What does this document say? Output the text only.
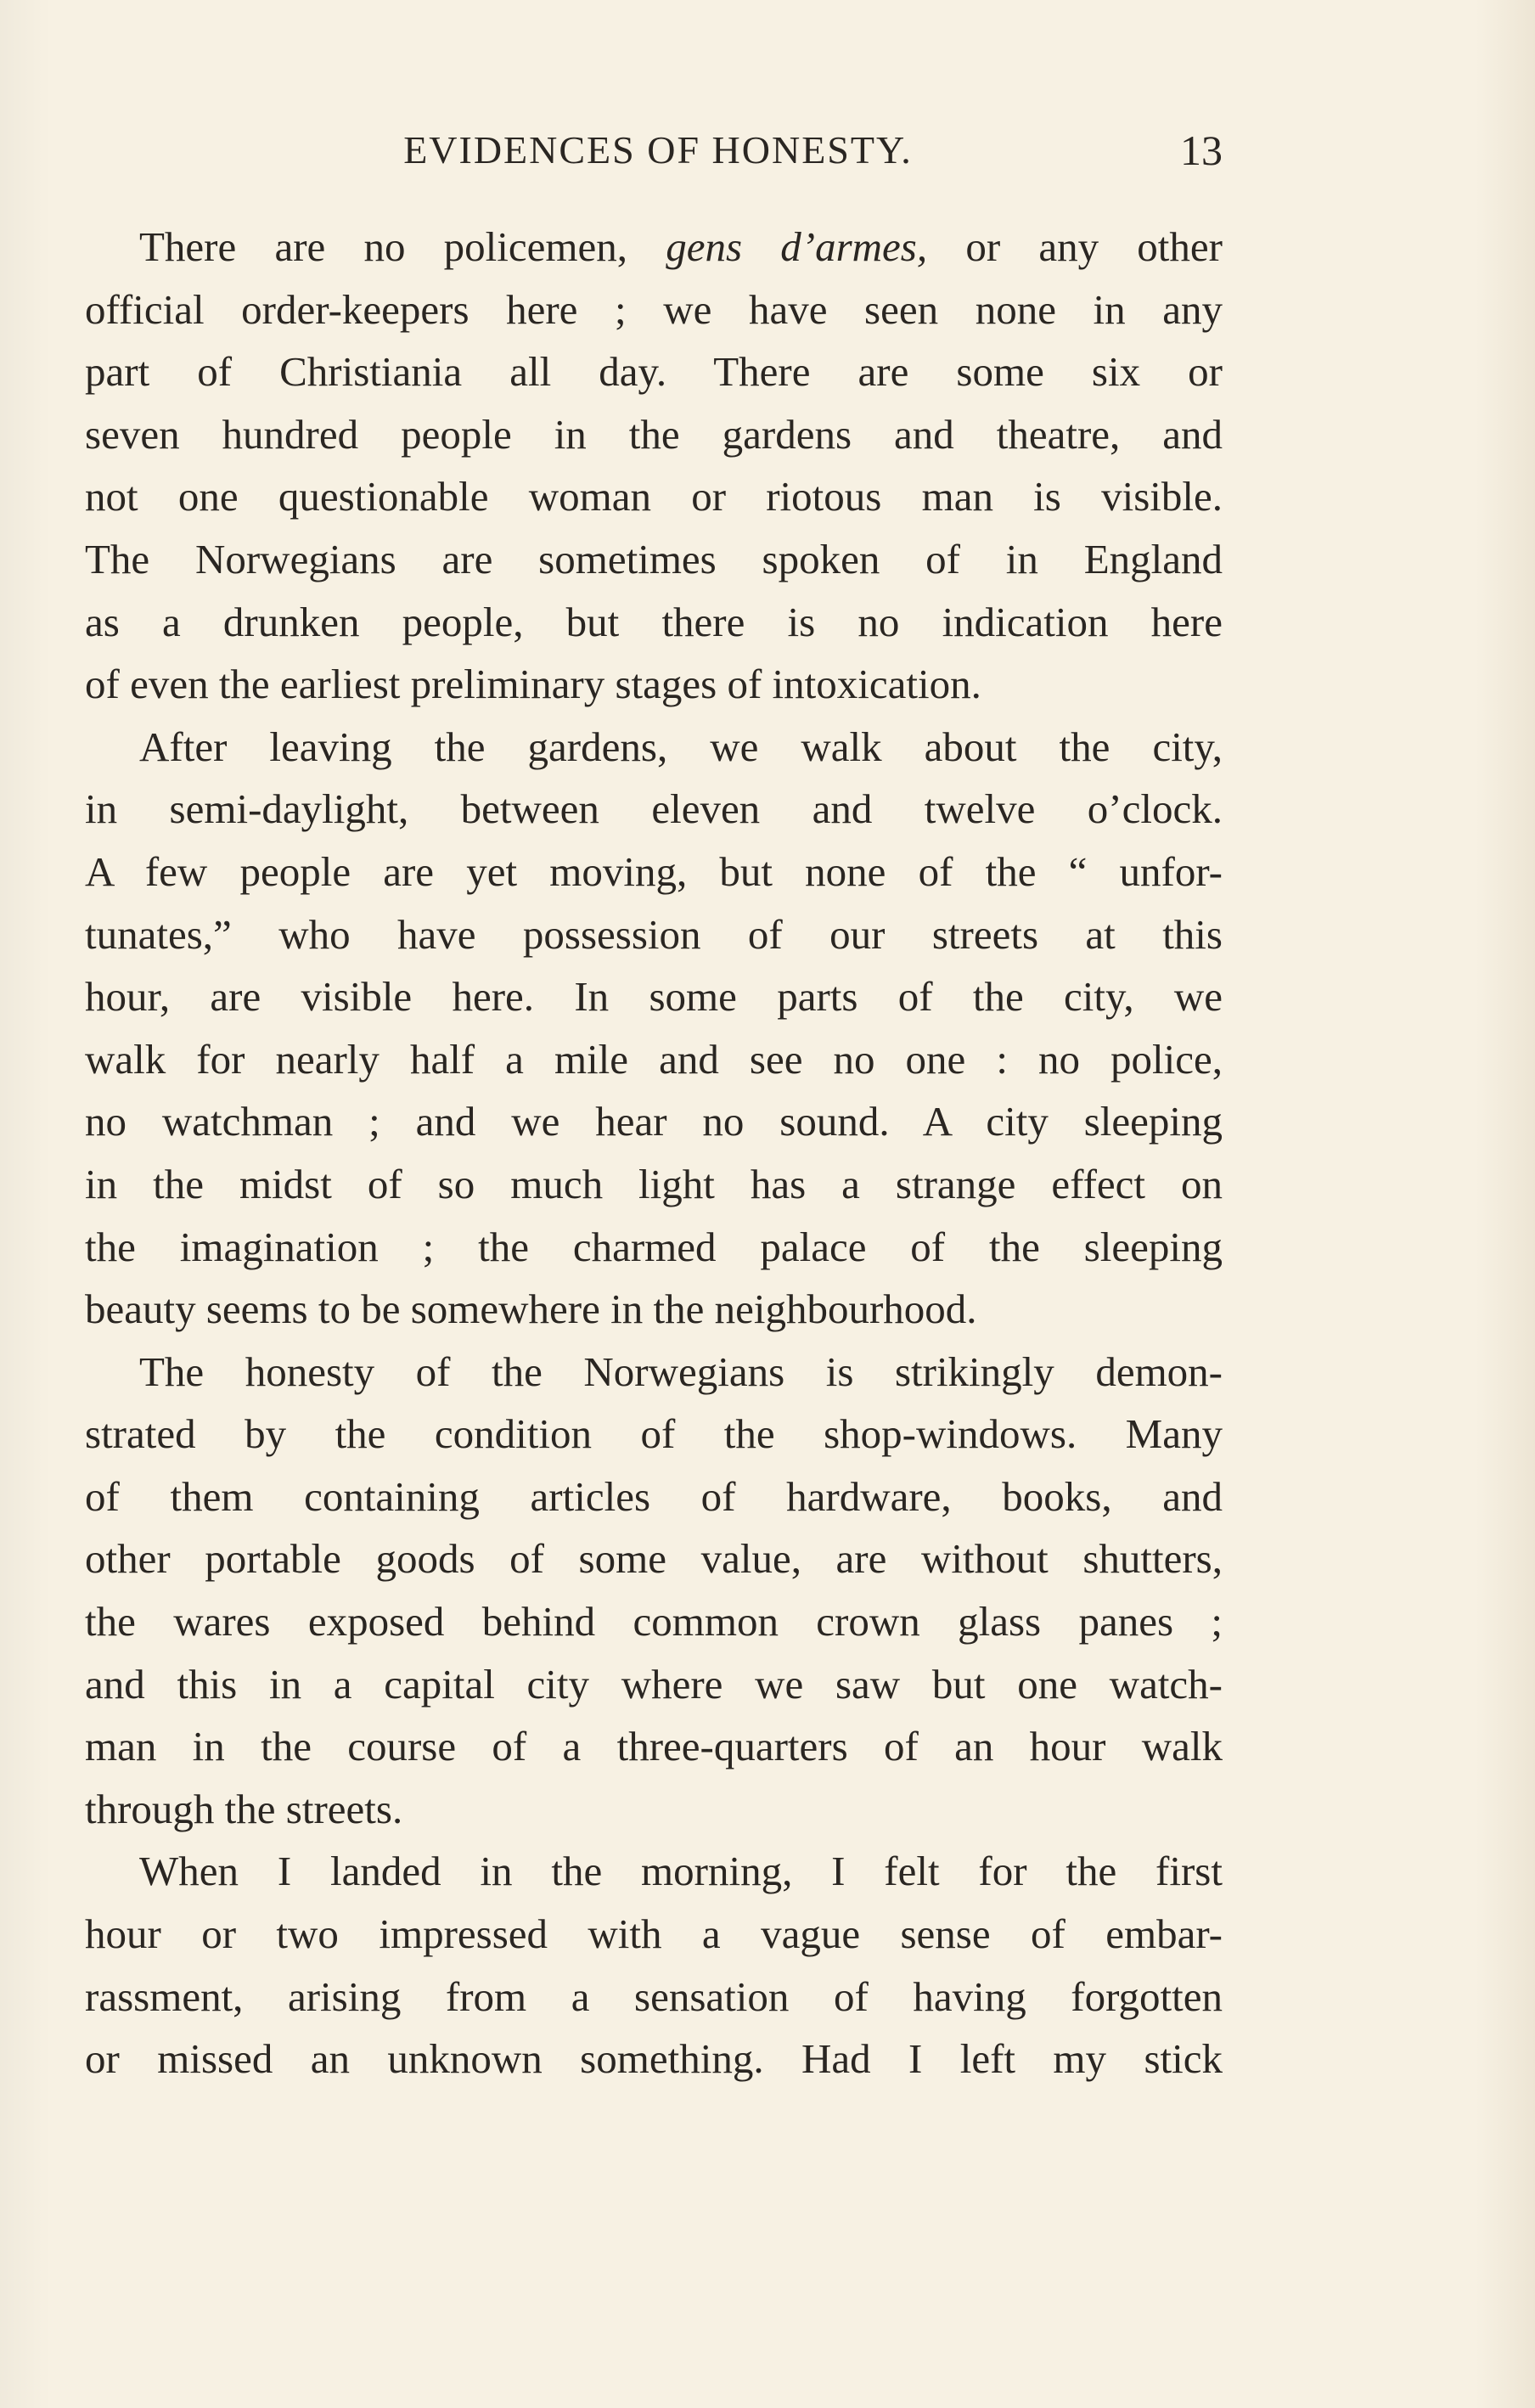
EVIDENCES OF HONESTY.	13
There are no policemen, gens d’armes, or any other
official order-keepers here ; we have seen none in any
part of Christiania all day. There are some six or
seven hundred people in the gardens and theatre, and
not one questionable woman or riotous man is visible.
The Norwegians are sometimes spoken of in England
as a drunken people, but there is no indication here
of even the earliest preliminary stages of intoxication.
After leaving the gardens, we walk about the city,
in semi-daylight, between eleven and twelve o’clock.
A few people are yet moving, but none of the “ unfor-
tunates,” who have possession of our streets at this
hour, are visible here. In some parts of the city, we
walk for nearly half a mile and see no one : no police,
no watchman ; and we hear no sound. A city sleeping
in the midst of so much light has a strange effect on
the imagination ; the charmed palace of the sleeping
beauty seems to be somewhere in the neighbourhood.
The honesty of the Norwegians is strikingly demon-
strated by the condition of the shop-windows. Many
of them containing articles of hardware, books, and
other portable goods of some value, are without shutters,
the wares exposed behind common crown glass panes ;
and this in a capital city where we saw but one watch-
man in the course of a three-quarters of an hour walk
through the streets.
When I landed in the morning, I felt for the first
hour or two impressed with a vague sense of embar-
rassment, arising from a sensation of having forgotten
or missed an unknown something. Had I left my stick
